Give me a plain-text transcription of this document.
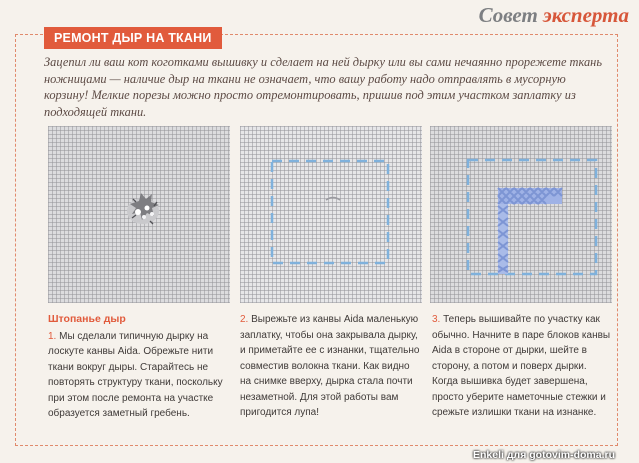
Совет эксперта
РЕМОНТ ДЫР НА ТКАНИ
Зацепил ли ваш кот коготками вышивку и сделает на ней дырку или вы сами нечаянно прорежете ткань ножницами — наличие дыр на ткани не означает, что вашу работу надо отправлять в мусорную корзину! Мелкие порезы можно просто отремонтировать, пришив под этим участком заплатку из подходящей ткани.
Штопанье дыр

1. Мы сделали типичную дырку на лоскуте канвы Aida. Обрежьте нити ткани вокруг дыры. Старайтесь не повторять структуру ткани, поскольку при этом после ремонта на участке образуется заметный гребень.

2. Вырежьте из канвы Aida маленькую заплатку, чтобы она закрывала дырку, и приметайте ее с изнанки, тщательно совместив волокна ткани. Как видно на снимке вверху, дырка стала почти незаметной. Для этой работы вам пригодится лупа!

3. Теперь вышивайте по участку как обычно. Начните в паре блоков канвы Aida в стороне от дырки, шейте в сторону, а потом и поверх дырки. Когда вышивка будет завершена, просто уберите наметочные стежки и срежьте излишки ткани на изнанке.

Enkeli для gotovim-doma.ru
